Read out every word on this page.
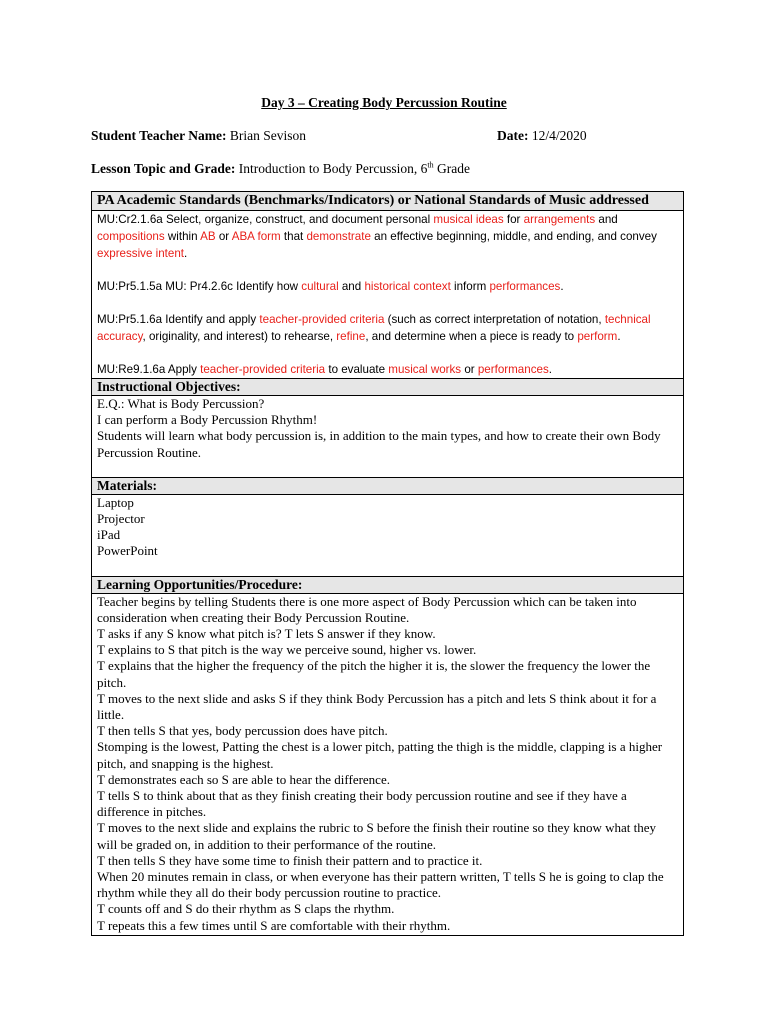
Day 3 – Creating Body Percussion Routine
Student Teacher Name: Brian Sevison	Date: 12/4/2020
Lesson Topic and Grade: Introduction to Body Percussion, 6th Grade
PA Academic Standards (Benchmarks/Indicators) or National Standards of Music addressed

MU:Cr2.1.6a Select, organize, construct, and document personal musical ideas for arrangements and compositions within AB or ABA form that demonstrate an effective beginning, middle, and ending, and convey expressive intent.

MU:Pr5.1.5a MU: Pr4.2.6c Identify how cultural and historical context inform performances.

MU:Pr5.1.6a Identify and apply teacher-provided criteria (such as correct interpretation of notation, technical accuracy, originality, and interest) to rehearse, refine, and determine when a piece is ready to perform.

MU:Re9.1.6a Apply teacher-provided criteria to evaluate musical works or performances.

Instructional Objectives:
E.Q.: What is Body Percussion?
I can perform a Body Percussion Rhythm!
Students will learn what body percussion is, in addition to the main types, and how to create their own Body Percussion Routine.
Materials:
Laptop
Projector
iPad
PowerPoint
Learning Opportunities/Procedure:
Teacher begins by telling Students there is one more aspect of Body Percussion which can be taken into consideration when creating their Body Percussion Routine.
T asks if any S know what pitch is? T lets S answer if they know.
T explains to S that pitch is the way we perceive sound, higher vs. lower.
T explains that the higher the frequency of the pitch the higher it is, the slower the frequency the lower the pitch.
T moves to the next slide and asks S if they think Body Percussion has a pitch and lets S think about it for a little.
T then tells S that yes, body percussion does have pitch.
Stomping is the lowest, Patting the chest is a lower pitch, patting the thigh is the middle, clapping is a higher pitch, and snapping is the highest.
T demonstrates each so S are able to hear the difference.
T tells S to think about that as they finish creating their body percussion routine and see if they have a difference in pitches.
T moves to the next slide and explains the rubric to S before the finish their routine so they know what they will be graded on, in addition to their performance of the routine.
T then tells S they have some time to finish their pattern and to practice it.
When 20 minutes remain in class, or when everyone has their pattern written, T tells S he is going to clap the rhythm while they all do their body percussion routine to practice.
T counts off and S do their rhythm as S claps the rhythm.
T repeats this a few times until S are comfortable with their rhythm.
